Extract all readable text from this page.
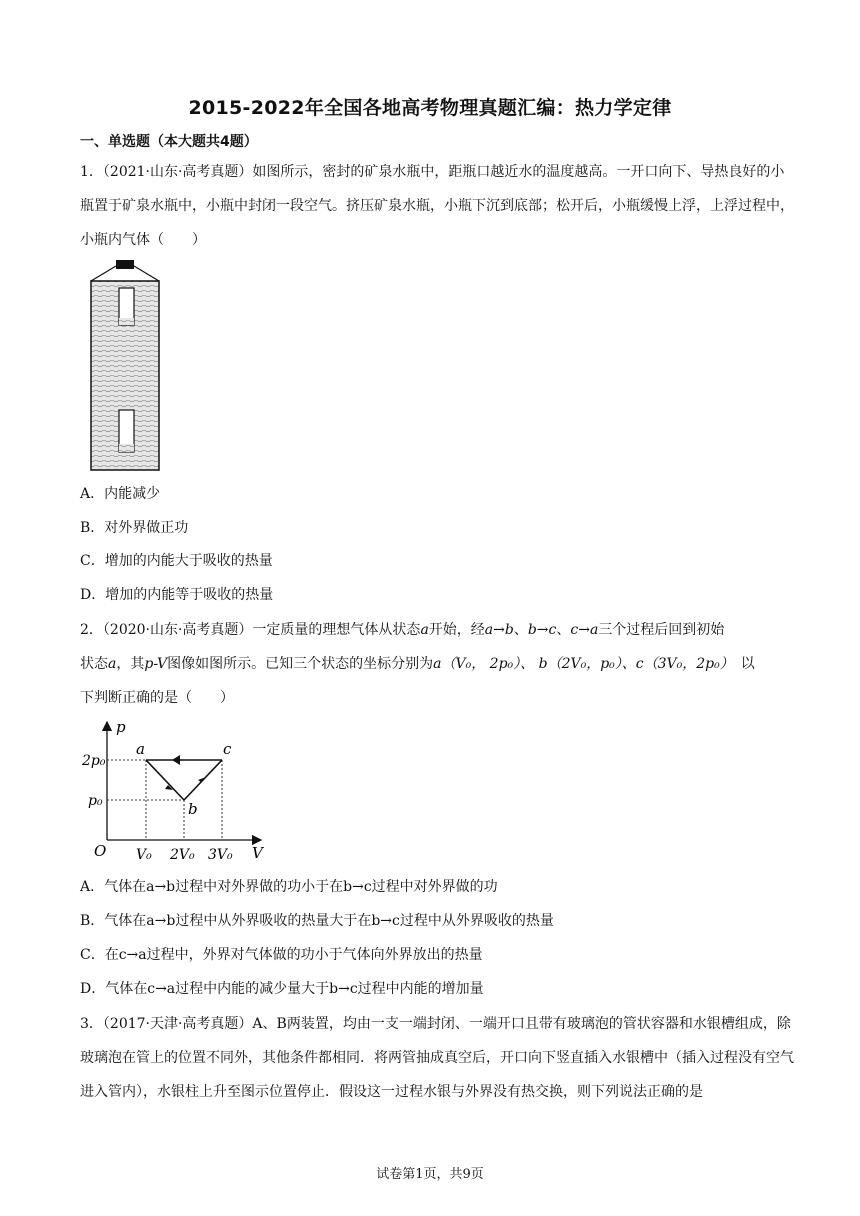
2015-2022年全国各地高考物理真题汇编：热力学定律
一、单选题（本大题共4题）
1．（2021·山东·高考真题）如图所示，密封的矿泉水瓶中，距瓶口越近水的温度越高。一开口向下、导热良好的小瓶置于矿泉水瓶中，小瓶中封闭一段空气。挤压矿泉水瓶，小瓶下沉到底部；松开后，小瓶缓慢上浮，上浮过程中，小瓶内气体（　　）
A．内能减少
B．对外界做正功
C．增加的内能大于吸收的热量
D．增加的内能等于吸收的热量
2．（2020·山东·高考真题）一定质量的理想气体从状态a开始，经a→b、b→c、c→a三个过程后回到初始
状态a，其p-V图像如图所示。已知三个状态的坐标分别为a（V₀， 2p₀）、 b（2V₀，p₀）、c（3V₀，2p₀）　 以
下判断正确的是（　　）
p
V
O
2p₀
p₀
V₀ 2V₀ 3V₀
a
b
c
A．气体在a→b过程中对外界做的功小于在b→c过程中对外界做的功
B．气体在a→b过程中从外界吸收的热量大于在b→c过程中从外界吸收的热量
C．在c→a过程中，外界对气体做的功小于气体向外界放出的热量
D．气体在c→a过程中内能的减少量大于b→c过程中内能的增加量
3．（2017·天津·高考真题）A、B两装置，均由一支一端封闭、一端开口且带有玻璃泡的管状容器和水银槽组成，除玻璃泡在管上的位置不同外，其他条件都相同．将两管抽成真空后，开口向下竖直插入水银槽中（插入过程没有空气进入管内），水银柱上升至图示位置停止．假设这一过程水银与外界没有热交换，则下列说法正确的是
试卷第1页，共9页
